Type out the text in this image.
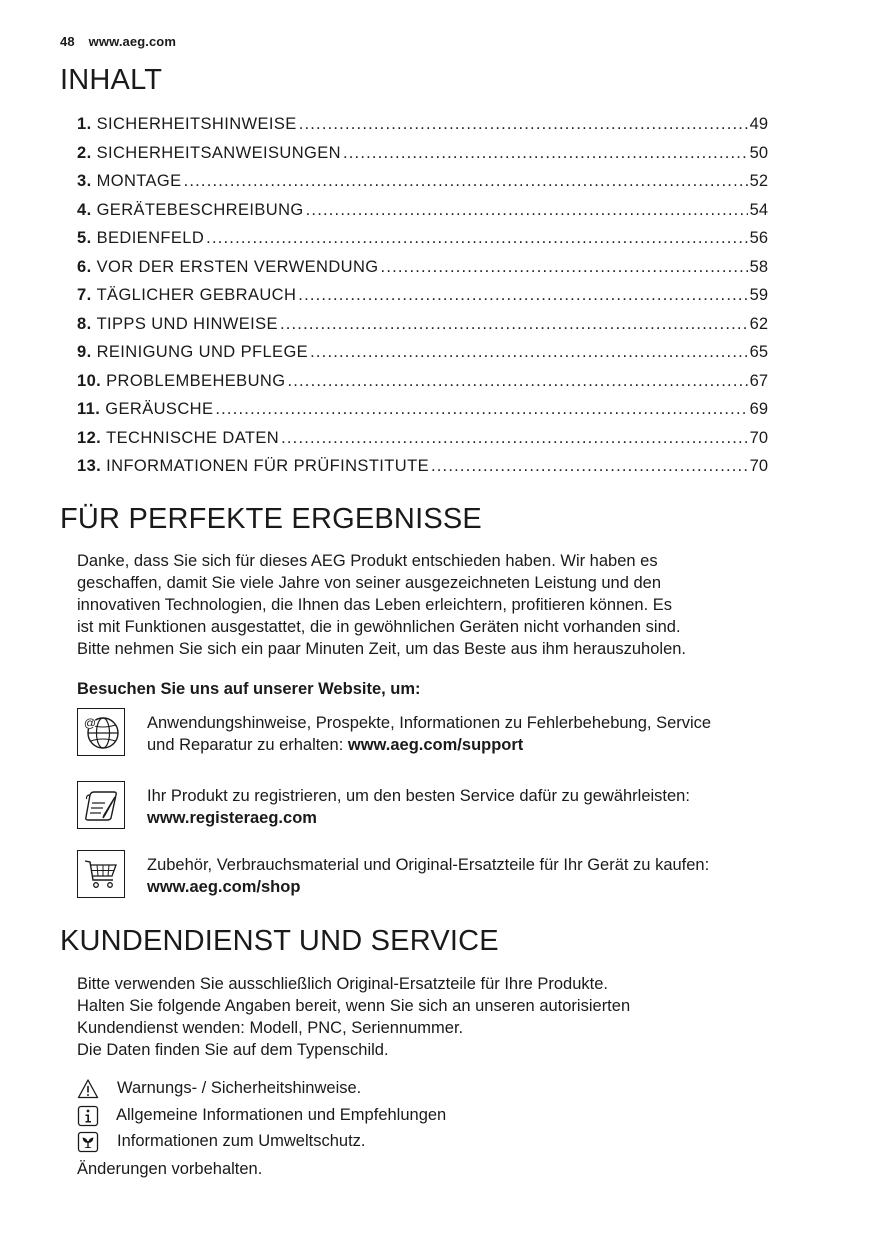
48 www.aeg.com
INHALT
1. SICHERHEITSHINWEISE .....	49
2. SICHERHEITSANWEISUNGEN .....	50
3. MONTAGE .....	52
4. GERÄTEBESCHREIBUNG .....	54
5. BEDIENFELD .....	56
6. VOR DER ERSTEN VERWENDUNG .....	58
7. TÄGLICHER GEBRAUCH .....	59
8. TIPPS UND HINWEISE .....	62
9. REINIGUNG UND PFLEGE .....	65
10. PROBLEMBEHEBUNG .....	67
11. GERÄUSCHE .....	69
12. TECHNISCHE DATEN .....	70
13. INFORMATIONEN FÜR PRÜFINSTITUTE .....	70
FÜR PERFEKTE ERGEBNISSE

Danke, dass Sie sich für dieses AEG Produkt entschieden haben. Wir haben es
geschaffen, damit Sie viele Jahre von seiner ausgezeichneten Leistung und den
innovativen Technologien, die Ihnen das Leben erleichtern, profitieren können. Es
ist mit Funktionen ausgestattet, die in gewöhnlichen Geräten nicht vorhanden sind.
Bitte nehmen Sie sich ein paar Minuten Zeit, um das Beste aus ihm herauszuholen.

Besuchen Sie uns auf unserer Website, um:

@	Anwendungshinweise, Prospekte, Informationen zu Fehlerbehebung, Service
und Reparatur zu erhalten: www.aeg.com/support
Ihr Produkt zu registrieren, um den besten Service dafür zu gewährleisten:
www.registeraeg.com
Zubehör, Verbrauchsmaterial und Original-Ersatzteile für Ihr Gerät zu kaufen:
www.aeg.com/shop
KUNDENDIENST UND SERVICE

Bitte verwenden Sie ausschließlich Original-Ersatzteile für Ihre Produkte.
Halten Sie folgende Angaben bereit, wenn Sie sich an unseren autorisierten
Kundendienst wenden: Modell, PNC, Seriennummer.
Die Daten finden Sie auf dem Typenschild.

Warnungs- / Sicherheitshinweise.
Allgemeine Informationen und Empfehlungen
Informationen zum Umweltschutz.

Änderungen vorbehalten.
